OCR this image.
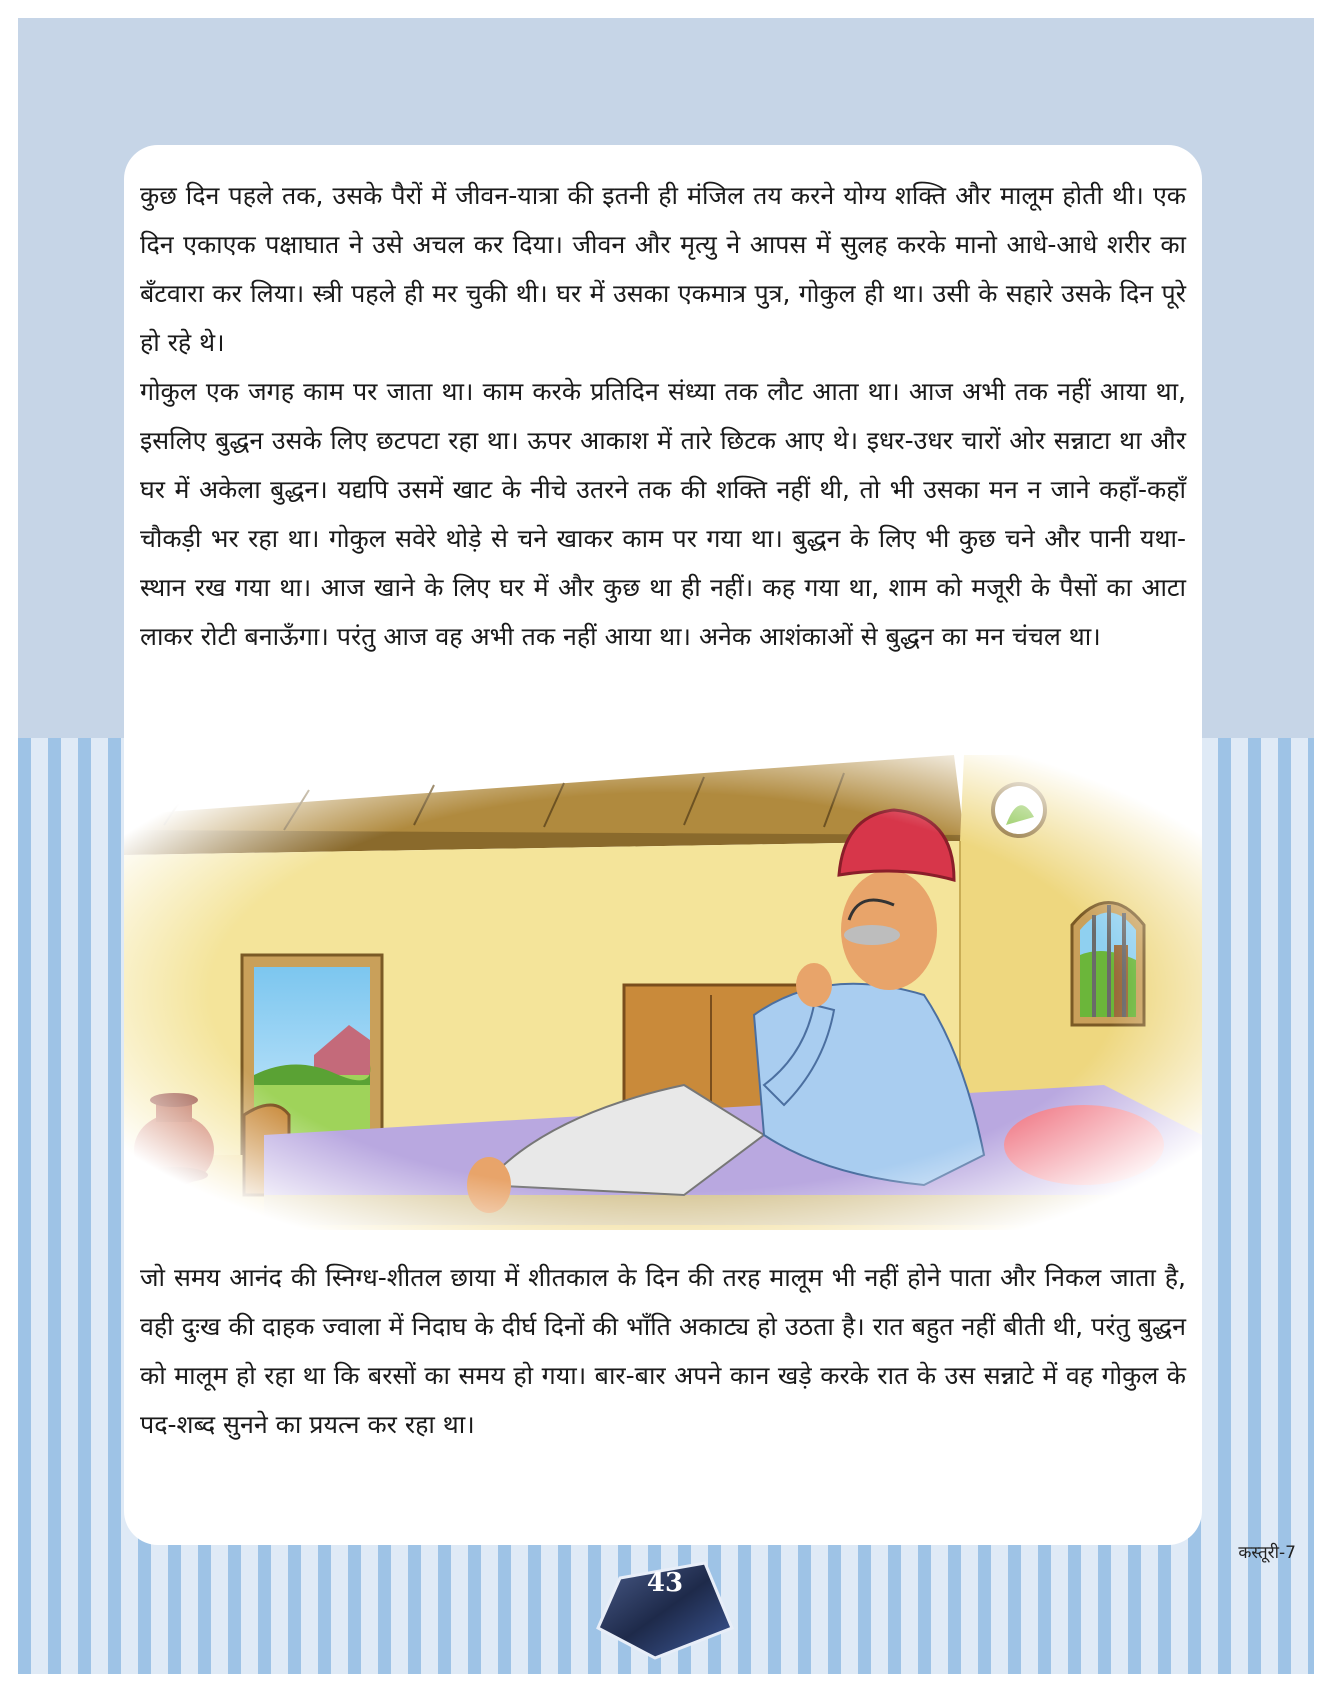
कुछ दिन पहले तक, उसके पैरों में जीवन-यात्रा की इतनी ही मंजिल तय करने योग्य शक्ति और मालूम होती थी। एक दिन एकाएक पक्षाघात ने उसे अचल कर दिया। जीवन और मृत्यु ने आपस में सुलह करके मानो आधे-आधे शरीर का बँटवारा कर लिया। स्त्री पहले ही मर चुकी थी। घर में उसका एकमात्र पुत्र, गोकुल ही था। उसी के सहारे उसके दिन पूरे हो रहे थे।

गोकुल एक जगह काम पर जाता था। काम करके प्रतिदिन संध्या तक लौट आता था। आज अभी तक नहीं आया था, इसलिए बुद्धन उसके लिए छटपटा रहा था। ऊपर आकाश में तारे छिटक आए थे। इधर-उधर चारों ओर सन्नाटा था और घर में अकेला बुद्धन। यद्यपि उसमें खाट के नीचे उतरने तक की शक्ति नहीं थी, तो भी उसका मन न जाने कहाँ-कहाँ चौकड़ी भर रहा था। गोकुल सवेरे थोड़े से चने खाकर काम पर गया था। बुद्धन के लिए भी कुछ चने और पानी यथा-स्थान रख गया था। आज खाने के लिए घर में और कुछ था ही नहीं। कह गया था, शाम को मजूरी के पैसों का आटा लाकर रोटी बनाऊँगा। परंतु आज वह अभी तक नहीं आया था। अनेक आशंकाओं से बुद्धन का मन चंचल था।

जो समय आनंद की स्निग्ध-शीतल छाया में शीतकाल के दिन की तरह मालूम भी नहीं होने पाता और निकल जाता है, वही दुःख की दाहक ज्वाला में निदाघ के दीर्घ दिनों की भाँति अकाट्य हो उठता है। रात बहुत नहीं बीती थी, परंतु बुद्धन को मालूम हो रहा था कि बरसों का समय हो गया। बार-बार अपने कान खड़े करके रात के उस सन्नाटे में वह गोकुल के पद-शब्द सुनने का प्रयत्न कर रहा था।

43
कस्तूरी-7
